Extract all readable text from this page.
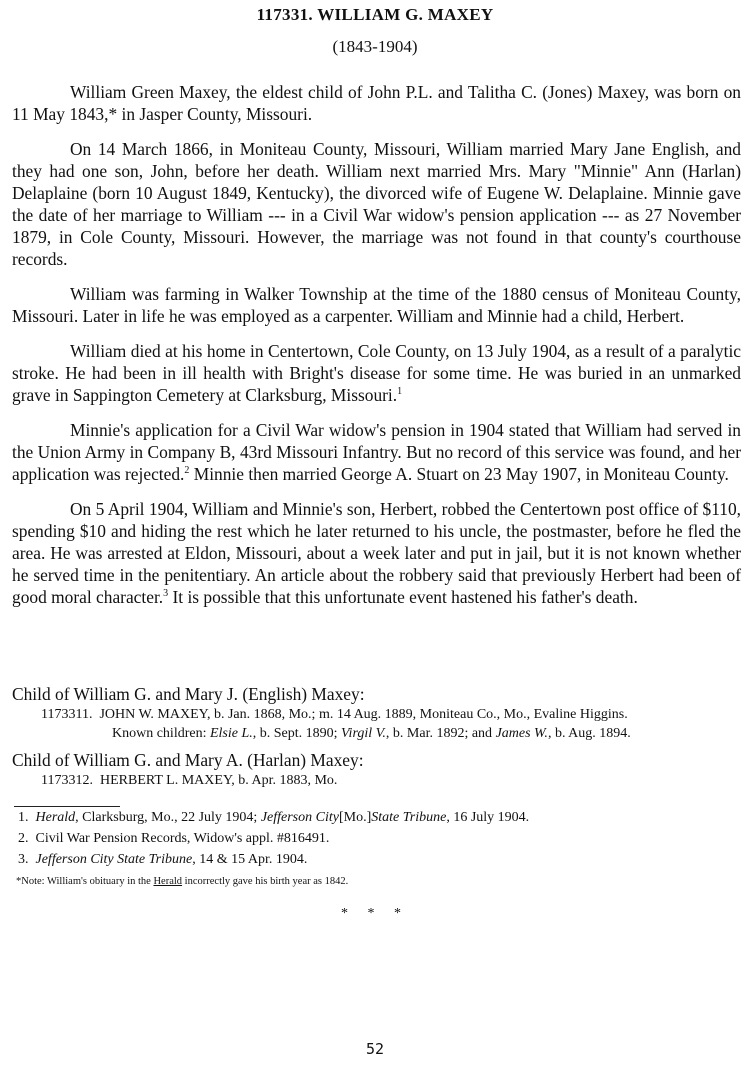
117331. WILLIAM G. MAXEY
(1843-1904)

William Green Maxey, the eldest child of John P.L. and Talitha C. (Jones) Maxey, was born on 11 May 1843,* in Jasper County, Missouri.

On 14 March 1866, in Moniteau County, Missouri, William married Mary Jane English, and they had one son, John, before her death. William next married Mrs. Mary "Minnie" Ann (Harlan) Delaplaine (born 10 August 1849, Kentucky), the divorced wife of Eugene W. Delaplaine. Minnie gave the date of her marriage to William --- in a Civil War widow's pension application --- as 27 November 1879, in Cole County, Missouri. However, the marriage was not found in that county's courthouse records.

William was farming in Walker Township at the time of the 1880 census of Moniteau County, Missouri. Later in life he was employed as a carpenter. William and Minnie had a child, Herbert.

William died at his home in Centertown, Cole County, on 13 July 1904, as a result of a paralytic stroke. He had been in ill health with Bright's disease for some time. He was buried in an unmarked grave in Sappington Cemetery at Clarksburg, Missouri.$^1$

Minnie's application for a Civil War widow's pension in 1904 stated that William had served in the Union Army in Company B, 43rd Missouri Infantry. But no record of this service was found, and her application was rejected.$^2$ Minnie then married George A. Stuart on 23 May 1907, in Moniteau County.

On 5 April 1904, William and Minnie's son, Herbert, robbed the Centertown post office of $110, spending $10 and hiding the rest which he later returned to his uncle, the postmaster, before he fled the area. He was arrested at Eldon, Missouri, about a week later and put in jail, but it is not known whether he served time in the penitentiary. An article about the robbery said that previously Herbert had been of good moral character.$^3$ It is possible that this unfortunate event hastened his father's death.

Child of William G. and Mary J. (English) Maxey:
1173311. JOHN W. MAXEY, b. Jan. 1868, Mo.; m. 14 Aug. 1889, Moniteau Co., Mo., Evaline Higgins.
Known children: Elsie L., b. Sept. 1890; Virgil V., b. Mar. 1892; and James W., b. Aug. 1894.
Child of William G. and Mary A. (Harlan) Maxey:
1173312. HERBERT L. MAXEY, b. Apr. 1883, Mo.
1. Herald, Clarksburg, Mo., 22 July 1904; Jefferson City[Mo.]State Tribune, 16 July 1904.
2. Civil War Pension Records, Widow's appl. #816491.
3. Jefferson City State Tribune, 14 & 15 Apr. 1904.
*Note: William's obituary in the Herald incorrectly gave his birth year as 1842.
* * *
52
